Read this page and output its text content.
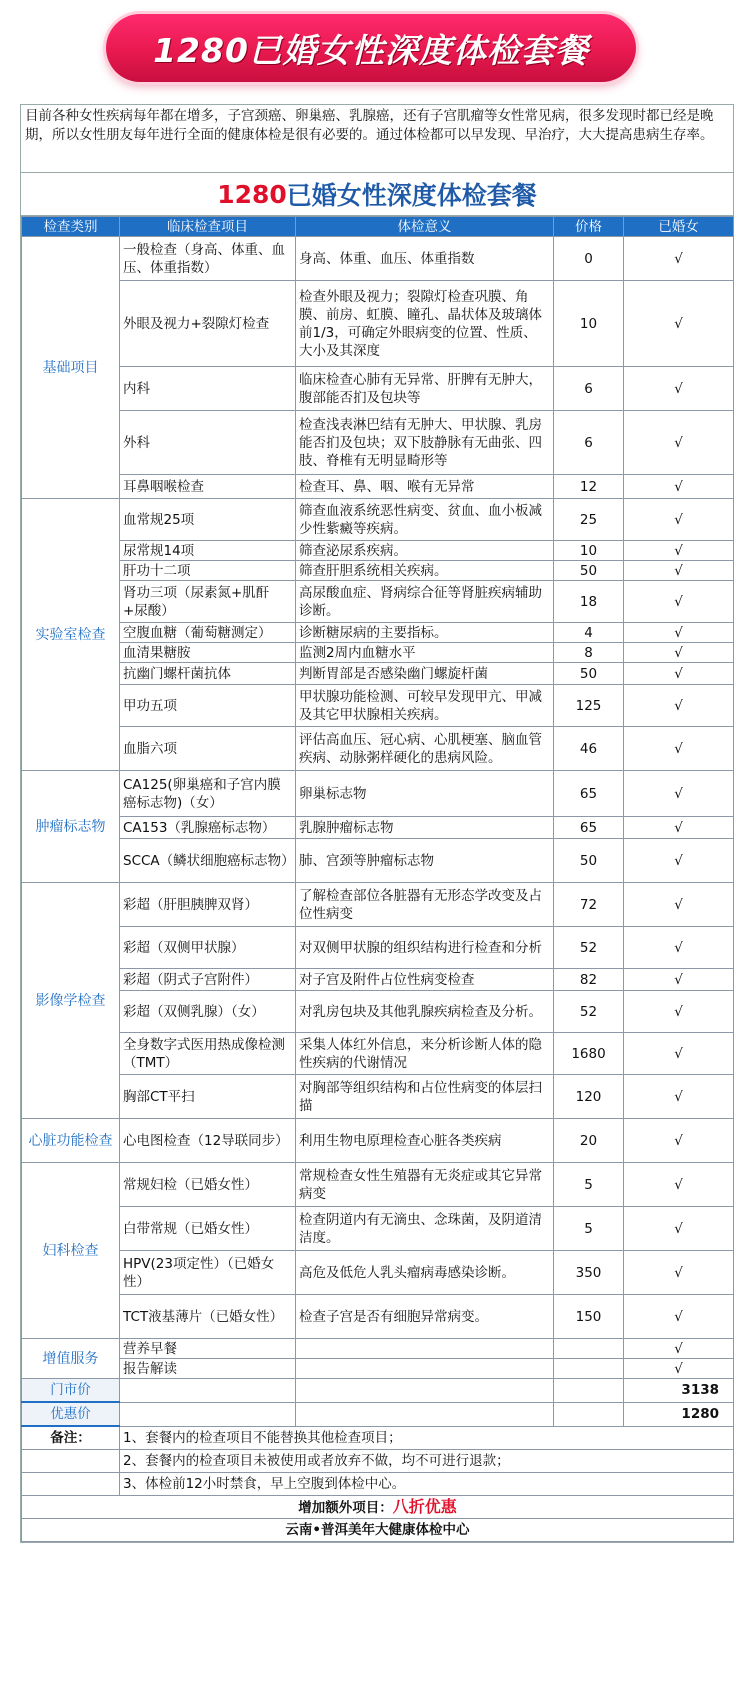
1280已婚女性深度体检套餐
目前各种女性疾病每年都在增多，子宫颈癌、卵巢癌、乳腺癌，还有子宫肌瘤等女性常见病，很多发现时都已经是晚期，所以女性朋友每年进行全面的健康体检是很有必要的。通过体检都可以早发现、早治疗，大大提高患病生存率。
1280 已婚女性深度体检套餐
检查类别	临床检查项目	体检意义	价格	已婚女
基础项目	一般检查（身高、体重、血压、体重指数）	身高、体重、血压、体重指数	0	√
	外眼及视力+裂隙灯检查	检查外眼及视力；裂隙灯检查巩膜、角膜、前房、虹膜、瞳孔、晶状体及玻璃体前1/3，可确定外眼病变的位置、性质、大小及其深度	10	√
	内科	临床检查心肺有无异常、肝脾有无肿大，腹部能否扪及包块等	6	√
	外科	检查浅表淋巴结有无肿大、甲状腺、乳房能否扪及包块；双下肢静脉有无曲张、四肢、脊椎有无明显畸形等	6	√
	耳鼻咽喉检查	检查耳、鼻、咽、喉有无异常	12	√
实验室检查	血常规25项	筛查血液系统恶性病变、贫血、血小板减少性紫癜等疾病。	25	√
	尿常规14项	筛查泌尿系疾病。	10	√
	肝功十二项	筛查肝胆系统相关疾病。	50	√
	肾功三项（尿素氮+肌酐+尿酸）	高尿酸血症、肾病综合征等肾脏疾病辅助诊断。	18	√
	空腹血糖（葡萄糖测定）	诊断糖尿病的主要指标。	4	√
	血清果糖胺	监测2周内血糖水平	8	√
	抗幽门螺杆菌抗体	判断胃部是否感染幽门螺旋杆菌	50	√
	甲功五项	甲状腺功能检测、可较早发现甲亢、甲减及其它甲状腺相关疾病。	125	√
	血脂六项	评估高血压、冠心病、心肌梗塞、脑血管疾病、动脉粥样硬化的患病风险。	46	√
肿瘤标志物	CA125(卵巢癌和子宫内膜癌标志物)（女）	卵巢标志物	65	√
	CA153（乳腺癌标志物）	乳腺肿瘤标志物	65	√
	SCCA（鳞状细胞癌标志物）	肺、宫颈等肿瘤标志物	50	√
影像学检查	彩超（肝胆胰脾双肾）	了解检查部位各脏器有无形态学改变及占位性病变	72	√
	彩超（双侧甲状腺）	对双侧甲状腺的组织结构进行检查和分析	52	√
	彩超（阴式子宫附件）	对子宫及附件占位性病变检查	82	√
	彩超（双侧乳腺）（女）	对乳房包块及其他乳腺疾病检查及分析。	52	√
	全身数字式医用热成像检测（TMT）	采集人体红外信息，来分析诊断人体的隐性疾病的代谢情况	1680	√
	胸部CT平扫	对胸部等组织结构和占位性病变的体层扫描	120	√
心脏功能检查	心电图检查（12导联同步）	利用生物电原理检查心脏各类疾病	20	√
妇科检查	常规妇检（已婚女性）	常规检查女性生殖器有无炎症或其它异常病变	5	√
	白带常规（已婚女性）	检查阴道内有无滴虫、念珠菌，及阴道清洁度。	5	√
	HPV(23项定性）（已婚女性）	高危及低危人乳头瘤病毒感染诊断。	350	√
	TCT液基薄片（已婚女性）	检查子宫是否有细胞异常病变。	150	√
增值服务	营养早餐			√
	报告解读			√
门市价				3138
优惠价				1280
备注：	1、套餐内的检查项目不能替换其他检查项目；			
	2、套餐内的检查项目未被使用或者放弃不做，均不可进行退款；			
	3、体检前12小时禁食，早上空腹到体检中心。			
增加额外项目：八折优惠				
云南•普洱美年大健康体检中心				
